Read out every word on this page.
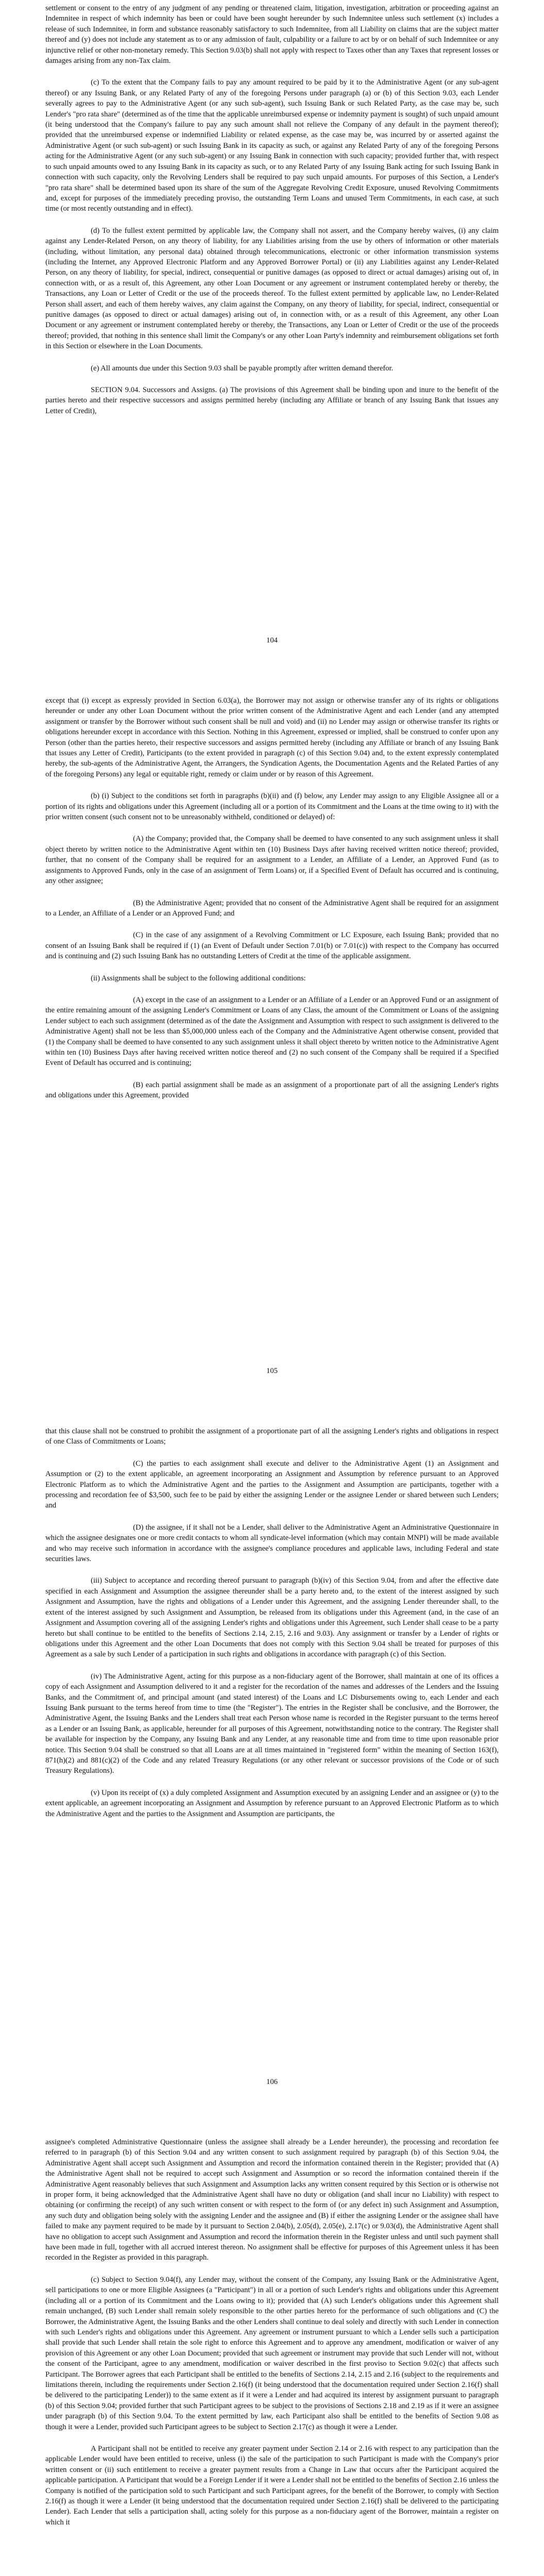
settlement or consent to the entry of any judgment of any pending or threatened claim, litigation, investigation, arbitration or proceeding against an Indemnitee in respect of which indemnity has been or could have been sought hereunder by such Indemnitee unless such settlement (x) includes a release of such Indemnitee, in form and substance reasonably satisfactory to such Indemnitee, from all Liability on claims that are the subject matter thereof and (y) does not include any statement as to or any admission of fault, culpability or a failure to act by or on behalf of such Indemnitee or any injunctive relief or other non-monetary remedy. This Section 9.03(b) shall not apply with respect to Taxes other than any Taxes that represent losses or damages arising from any non-Tax claim.

(c) To the extent that the Company fails to pay any amount required to be paid by it to the Administrative Agent (or any sub-agent thereof) or any Issuing Bank, or any Related Party of any of the foregoing Persons under paragraph (a) or (b) of this Section 9.03, each Lender severally agrees to pay to the Administrative Agent (or any such sub-agent), such Issuing Bank or such Related Party, as the case may be, such Lender's "pro rata share" (determined as of the time that the applicable unreimbursed expense or indemnity payment is sought) of such unpaid amount (it being understood that the Company's failure to pay any such amount shall not relieve the Company of any default in the payment thereof); provided that the unreimbursed expense or indemnified Liability or related expense, as the case may be, was incurred by or asserted against the Administrative Agent (or such sub-agent) or such Issuing Bank in its capacity as such, or against any Related Party of any of the foregoing Persons acting for the Administrative Agent (or any such sub-agent) or any Issuing Bank in connection with such capacity; provided further that, with respect to such unpaid amounts owed to any Issuing Bank in its capacity as such, or to any Related Party of any Issuing Bank acting for such Issuing Bank in connection with such capacity, only the Revolving Lenders shall be required to pay such unpaid amounts. For purposes of this Section, a Lender's "pro rata share" shall be determined based upon its share of the sum of the Aggregate Revolving Credit Exposure, unused Revolving Commitments and, except for purposes of the immediately preceding proviso, the outstanding Term Loans and unused Term Commitments, in each case, at such time (or most recently outstanding and in effect).

(d) To the fullest extent permitted by applicable law, the Company shall not assert, and the Company hereby waives, (i) any claim against any Lender-Related Person, on any theory of liability, for any Liabilities arising from the use by others of information or other materials (including, without limitation, any personal data) obtained through telecommunications, electronic or other information transmission systems (including the Internet, any Approved Electronic Platform and any Approved Borrower Portal) or (ii) any Liabilities against any Lender-Related Person, on any theory of liability, for special, indirect, consequential or punitive damages (as opposed to direct or actual damages) arising out of, in connection with, or as a result of, this Agreement, any other Loan Document or any agreement or instrument contemplated hereby or thereby, the Transactions, any Loan or Letter of Credit or the use of the proceeds thereof. To the fullest extent permitted by applicable law, no Lender-Related Person shall assert, and each of them hereby waives, any claim against the Company, on any theory of liability, for special, indirect, consequential or punitive damages (as opposed to direct or actual damages) arising out of, in connection with, or as a result of this Agreement, any other Loan Document or any agreement or instrument contemplated hereby or thereby, the Transactions, any Loan or Letter of Credit or the use of the proceeds thereof; provided, that nothing in this sentence shall limit the Company's or any other Loan Party's indemnity and reimbursement obligations set forth in this Section or elsewhere in the Loan Documents.

(e) All amounts due under this Section 9.03 shall be payable promptly after written demand therefor.

SECTION 9.04. Successors and Assigns. (a) The provisions of this Agreement shall be binding upon and inure to the benefit of the parties hereto and their respective successors and assigns permitted hereby (including any Affiliate or branch of any Issuing Bank that issues any Letter of Credit),

104

except that (i) except as expressly provided in Section 6.03(a), the Borrower may not assign or otherwise transfer any of its rights or obligations hereunder or under any other Loan Document without the prior written consent of the Administrative Agent and each Lender (and any attempted assignment or transfer by the Borrower without such consent shall be null and void) and (ii) no Lender may assign or otherwise transfer its rights or obligations hereunder except in accordance with this Section. Nothing in this Agreement, expressed or implied, shall be construed to confer upon any Person (other than the parties hereto, their respective successors and assigns permitted hereby (including any Affiliate or branch of any Issuing Bank that issues any Letter of Credit), Participants (to the extent provided in paragraph (c) of this Section 9.04) and, to the extent expressly contemplated hereby, the sub-agents of the Administrative Agent, the Arrangers, the Syndication Agents, the Documentation Agents and the Related Parties of any of the foregoing Persons) any legal or equitable right, remedy or claim under or by reason of this Agreement.

(b) (i) Subject to the conditions set forth in paragraphs (b)(ii) and (f) below, any Lender may assign to any Eligible Assignee all or a portion of its rights and obligations under this Agreement (including all or a portion of its Commitment and the Loans at the time owing to it) with the prior written consent (such consent not to be unreasonably withheld, conditioned or delayed) of:

(A) the Company; provided that, the Company shall be deemed to have consented to any such assignment unless it shall object thereto by written notice to the Administrative Agent within ten (10) Business Days after having received written notice thereof; provided, further, that no consent of the Company shall be required for an assignment to a Lender, an Affiliate of a Lender, an Approved Fund (as to assignments to Approved Funds, only in the case of an assignment of Term Loans) or, if a Specified Event of Default has occurred and is continuing, any other assignee;

(B) the Administrative Agent; provided that no consent of the Administrative Agent shall be required for an assignment to a Lender, an Affiliate of a Lender or an Approved Fund; and

(C) in the case of any assignment of a Revolving Commitment or LC Exposure, each Issuing Bank; provided that no consent of an Issuing Bank shall be required if (1) (an Event of Default under Section 7.01(b) or 7.01(c)) with respect to the Company has occurred and is continuing and (2) such Issuing Bank has no outstanding Letters of Credit at the time of the applicable assignment.

(ii) Assignments shall be subject to the following additional conditions:

(A) except in the case of an assignment to a Lender or an Affiliate of a Lender or an Approved Fund or an assignment of the entire remaining amount of the assigning Lender's Commitment or Loans of any Class, the amount of the Commitment or Loans of the assigning Lender subject to each such assignment (determined as of the date the Assignment and Assumption with respect to such assignment is delivered to the Administrative Agent) shall not be less than $5,000,000 unless each of the Company and the Administrative Agent otherwise consent, provided that (1) the Company shall be deemed to have consented to any such assignment unless it shall object thereto by written notice to the Administrative Agent within ten (10) Business Days after having received written notice thereof and (2) no such consent of the Company shall be required if a Specified Event of Default has occurred and is continuing;

(B) each partial assignment shall be made as an assignment of a proportionate part of all the assigning Lender's rights and obligations under this Agreement, provided

105

that this clause shall not be construed to prohibit the assignment of a proportionate part of all the assigning Lender's rights and obligations in respect of one Class of Commitments or Loans;

(C) the parties to each assignment shall execute and deliver to the Administrative Agent (1) an Assignment and Assumption or (2) to the extent applicable, an agreement incorporating an Assignment and Assumption by reference pursuant to an Approved Electronic Platform as to which the Administrative Agent and the parties to the Assignment and Assumption are participants, together with a processing and recordation fee of $3,500, such fee to be paid by either the assigning Lender or the assignee Lender or shared between such Lenders; and

(D) the assignee, if it shall not be a Lender, shall deliver to the Administrative Agent an Administrative Questionnaire in which the assignee designates one or more credit contacts to whom all syndicate-level information (which may contain MNPI) will be made available and who may receive such information in accordance with the assignee's compliance procedures and applicable laws, including Federal and state securities laws.

(iii) Subject to acceptance and recording thereof pursuant to paragraph (b)(iv) of this Section 9.04, from and after the effective date specified in each Assignment and Assumption the assignee thereunder shall be a party hereto and, to the extent of the interest assigned by such Assignment and Assumption, have the rights and obligations of a Lender under this Agreement, and the assigning Lender thereunder shall, to the extent of the interest assigned by such Assignment and Assumption, be released from its obligations under this Agreement (and, in the case of an Assignment and Assumption covering all of the assigning Lender's rights and obligations under this Agreement, such Lender shall cease to be a party hereto but shall continue to be entitled to the benefits of Sections 2.14, 2.15, 2.16 and 9.03). Any assignment or transfer by a Lender of rights or obligations under this Agreement and the other Loan Documents that does not comply with this Section 9.04 shall be treated for purposes of this Agreement as a sale by such Lender of a participation in such rights and obligations in accordance with paragraph (c) of this Section.

(iv) The Administrative Agent, acting for this purpose as a non-fiduciary agent of the Borrower, shall maintain at one of its offices a copy of each Assignment and Assumption delivered to it and a register for the recordation of the names and addresses of the Lenders and the Issuing Banks, and the Commitment of, and principal amount (and stated interest) of the Loans and LC Disbursements owing to, each Lender and each Issuing Bank pursuant to the terms hereof from time to time (the "Register"). The entries in the Register shall be conclusive, and the Borrower, the Administrative Agent, the Issuing Banks and the Lenders shall treat each Person whose name is recorded in the Register pursuant to the terms hereof as a Lender or an Issuing Bank, as applicable, hereunder for all purposes of this Agreement, notwithstanding notice to the contrary. The Register shall be available for inspection by the Company, any Issuing Bank and any Lender, at any reasonable time and from time to time upon reasonable prior notice. This Section 9.04 shall be construed so that all Loans are at all times maintained in "registered form" within the meaning of Section 163(f), 871(h)(2) and 881(c)(2) of the Code and any related Treasury Regulations (or any other relevant or successor provisions of the Code or of such Treasury Regulations).

(v) Upon its receipt of (x) a duly completed Assignment and Assumption executed by an assigning Lender and an assignee or (y) to the extent applicable, an agreement incorporating an Assignment and Assumption by reference pursuant to an Approved Electronic Platform as to which the Administrative Agent and the parties to the Assignment and Assumption are participants, the

106

assignee's completed Administrative Questionnaire (unless the assignee shall already be a Lender hereunder), the processing and recordation fee referred to in paragraph (b) of this Section 9.04 and any written consent to such assignment required by paragraph (b) of this Section 9.04, the Administrative Agent shall accept such Assignment and Assumption and record the information contained therein in the Register; provided that (A) the Administrative Agent shall not be required to accept such Assignment and Assumption or so record the information contained therein if the Administrative Agent reasonably believes that such Assignment and Assumption lacks any written consent required by this Section or is otherwise not in proper form, it being acknowledged that the Administrative Agent shall have no duty or obligation (and shall incur no Liability) with respect to obtaining (or confirming the receipt) of any such written consent or with respect to the form of (or any defect in) such Assignment and Assumption, any such duty and obligation being solely with the assigning Lender and the assignee and (B) if either the assigning Lender or the assignee shall have failed to make any payment required to be made by it pursuant to Section 2.04(b), 2.05(d), 2.05(e), 2.17(c) or 9.03(d), the Administrative Agent shall have no obligation to accept such Assignment and Assumption and record the information therein in the Register unless and until such payment shall have been made in full, together with all accrued interest thereon. No assignment shall be effective for purposes of this Agreement unless it has been recorded in the Register as provided in this paragraph.

(c) Subject to Section 9.04(f), any Lender may, without the consent of the Company, any Issuing Bank or the Administrative Agent, sell participations to one or more Eligible Assignees (a "Participant") in all or a portion of such Lender's rights and obligations under this Agreement (including all or a portion of its Commitment and the Loans owing to it); provided that (A) such Lender's obligations under this Agreement shall remain unchanged, (B) such Lender shall remain solely responsible to the other parties hereto for the performance of such obligations and (C) the Borrower, the Administrative Agent, the Issuing Banks and the other Lenders shall continue to deal solely and directly with such Lender in connection with such Lender's rights and obligations under this Agreement. Any agreement or instrument pursuant to which a Lender sells such a participation shall provide that such Lender shall retain the sole right to enforce this Agreement and to approve any amendment, modification or waiver of any provision of this Agreement or any other Loan Document; provided that such agreement or instrument may provide that such Lender will not, without the consent of the Participant, agree to any amendment, modification or waiver described in the first proviso to Section 9.02(c) that affects such Participant. The Borrower agrees that each Participant shall be entitled to the benefits of Sections 2.14, 2.15 and 2.16 (subject to the requirements and limitations therein, including the requirements under Section 2.16(f) (it being understood that the documentation required under Section 2.16(f) shall be delivered to the participating Lender)) to the same extent as if it were a Lender and had acquired its interest by assignment pursuant to paragraph (b) of this Section 9.04; provided further that such Participant agrees to be subject to the provisions of Sections 2.18 and 2.19 as if it were an assignee under paragraph (b) of this Section 9.04. To the extent permitted by law, each Participant also shall be entitled to the benefits of Section 9.08 as though it were a Lender, provided such Participant agrees to be subject to Section 2.17(c) as though it were a Lender.

A Participant shall not be entitled to receive any greater payment under Section 2.14 or 2.16 with respect to any participation than the applicable Lender would have been entitled to receive, unless (i) the sale of the participation to such Participant is made with the Company's prior written consent or (ii) such entitlement to receive a greater payment results from a Change in Law that occurs after the Participant acquired the applicable participation. A Participant that would be a Foreign Lender if it were a Lender shall not be entitled to the benefits of Section 2.16 unless the Company is notified of the participation sold to such Participant and such Participant agrees, for the benefit of the Borrower, to comply with Section 2.16(f) as though it were a Lender (it being understood that the documentation required under Section 2.16(f) shall be delivered to the participating Lender). Each Lender that sells a participation shall, acting solely for this purpose as a non-fiduciary agent of the Borrower, maintain a register on which it
